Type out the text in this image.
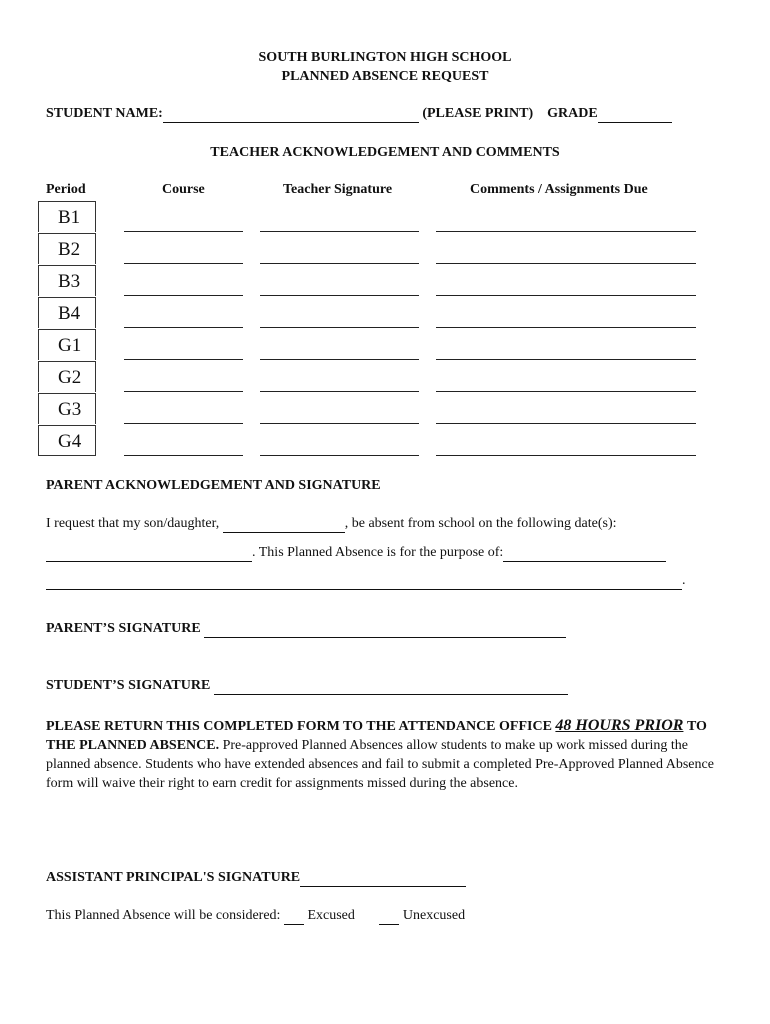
SOUTH BURLINGTON HIGH SCHOOL
PLANNED ABSENCE REQUEST
STUDENT NAME:	(PLEASE PRINT) GRADE
TEACHER ACKNOWLEDGEMENT AND COMMENTS
Period	Course	Teacher Signature	Comments / Assignments Due
B1
B2
B3
B4
G1
G2
G3
G4
PARENT ACKNOWLEDGEMENT AND SIGNATURE
I request that my son/daughter,	, be absent from school on the following date(s):
. This Planned Absence is for the purpose of:
.
PARENT’S SIGNATURE
STUDENT’S SIGNATURE
PLEASE RETURN THIS COMPLETED FORM TO THE ATTENDANCE OFFICE 48 HOURS PRIOR TO THE PLANNED ABSENCE. Pre-approved Planned Absences allow students to make up work missed during the planned absence. Students who have extended absences and fail to submit a completed Pre-Approved Planned Absence form will waive their right to earn credit for assignments missed during the absence.
ASSISTANT PRINCIPAL'S SIGNATURE
This Planned Absence will be considered: Excused	Unexcused
